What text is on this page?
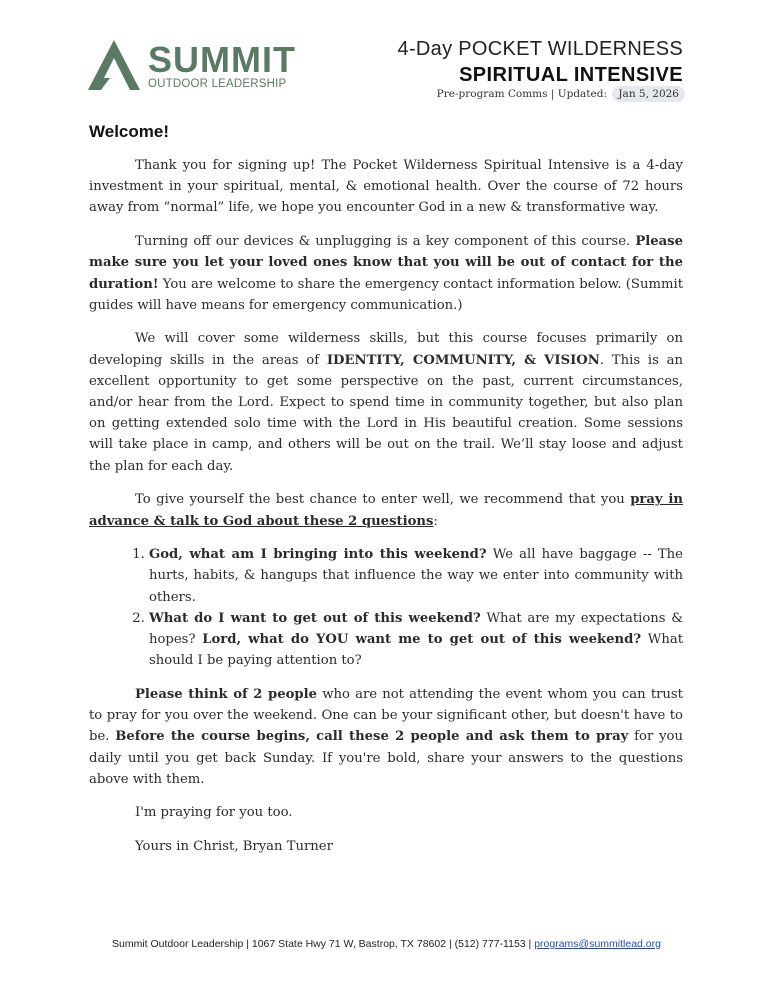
SUMMIT
OUTDOOR LEADERSHIP
4-Day POCKET WILDERNESS
SPIRITUAL INTENSIVE
Pre-program Comms | Updated: Jan 5, 2026
Welcome!

Thank you for signing up! The Pocket Wilderness Spiritual Intensive is a 4-day investment in your spiritual, mental, & emotional health. Over the course of 72 hours away from “normal” life, we hope you encounter God in a new & transformative way.

Turning off our devices & unplugging is a key component of this course. Please make sure you let your loved ones know that you will be out of contact for the duration! You are welcome to share the emergency contact information below. (Summit guides will have means for emergency communication.)

We will cover some wilderness skills, but this course focuses primarily on developing skills in the areas of IDENTITY, COMMUNITY, & VISION. This is an excellent opportunity to get some perspective on the past, current circumstances, and/or hear from the Lord. Expect to spend time in community together, but also plan on getting extended solo time with the Lord in His beautiful creation. Some sessions will take place in camp, and others will be out on the trail. We’ll stay loose and adjust the plan for each day.

To give yourself the best chance to enter well, we recommend that you pray in advance & talk to God about these 2 questions:

1. God, what am I bringing into this weekend? We all have baggage -- The hurts, habits, & hangups that influence the way we enter into community with others.
2. What do I want to get out of this weekend? What are my expectations & hopes? Lord, what do YOU want me to get out of this weekend? What should I be paying attention to?

Please think of 2 people who are not attending the event whom you can trust to pray for you over the weekend. One can be your significant other, but doesn't have to be. Before the course begins, call these 2 people and ask them to pray for you daily until you get back Sunday. If you're bold, share your answers to the questions above with them.

I'm praying for you too.

Yours in Christ, Bryan Turner

Summit Outdoor Leadership | 1067 State Hwy 71 W, Bastrop, TX 78602 | (512) 777-1153 | programs@summitlead.org
